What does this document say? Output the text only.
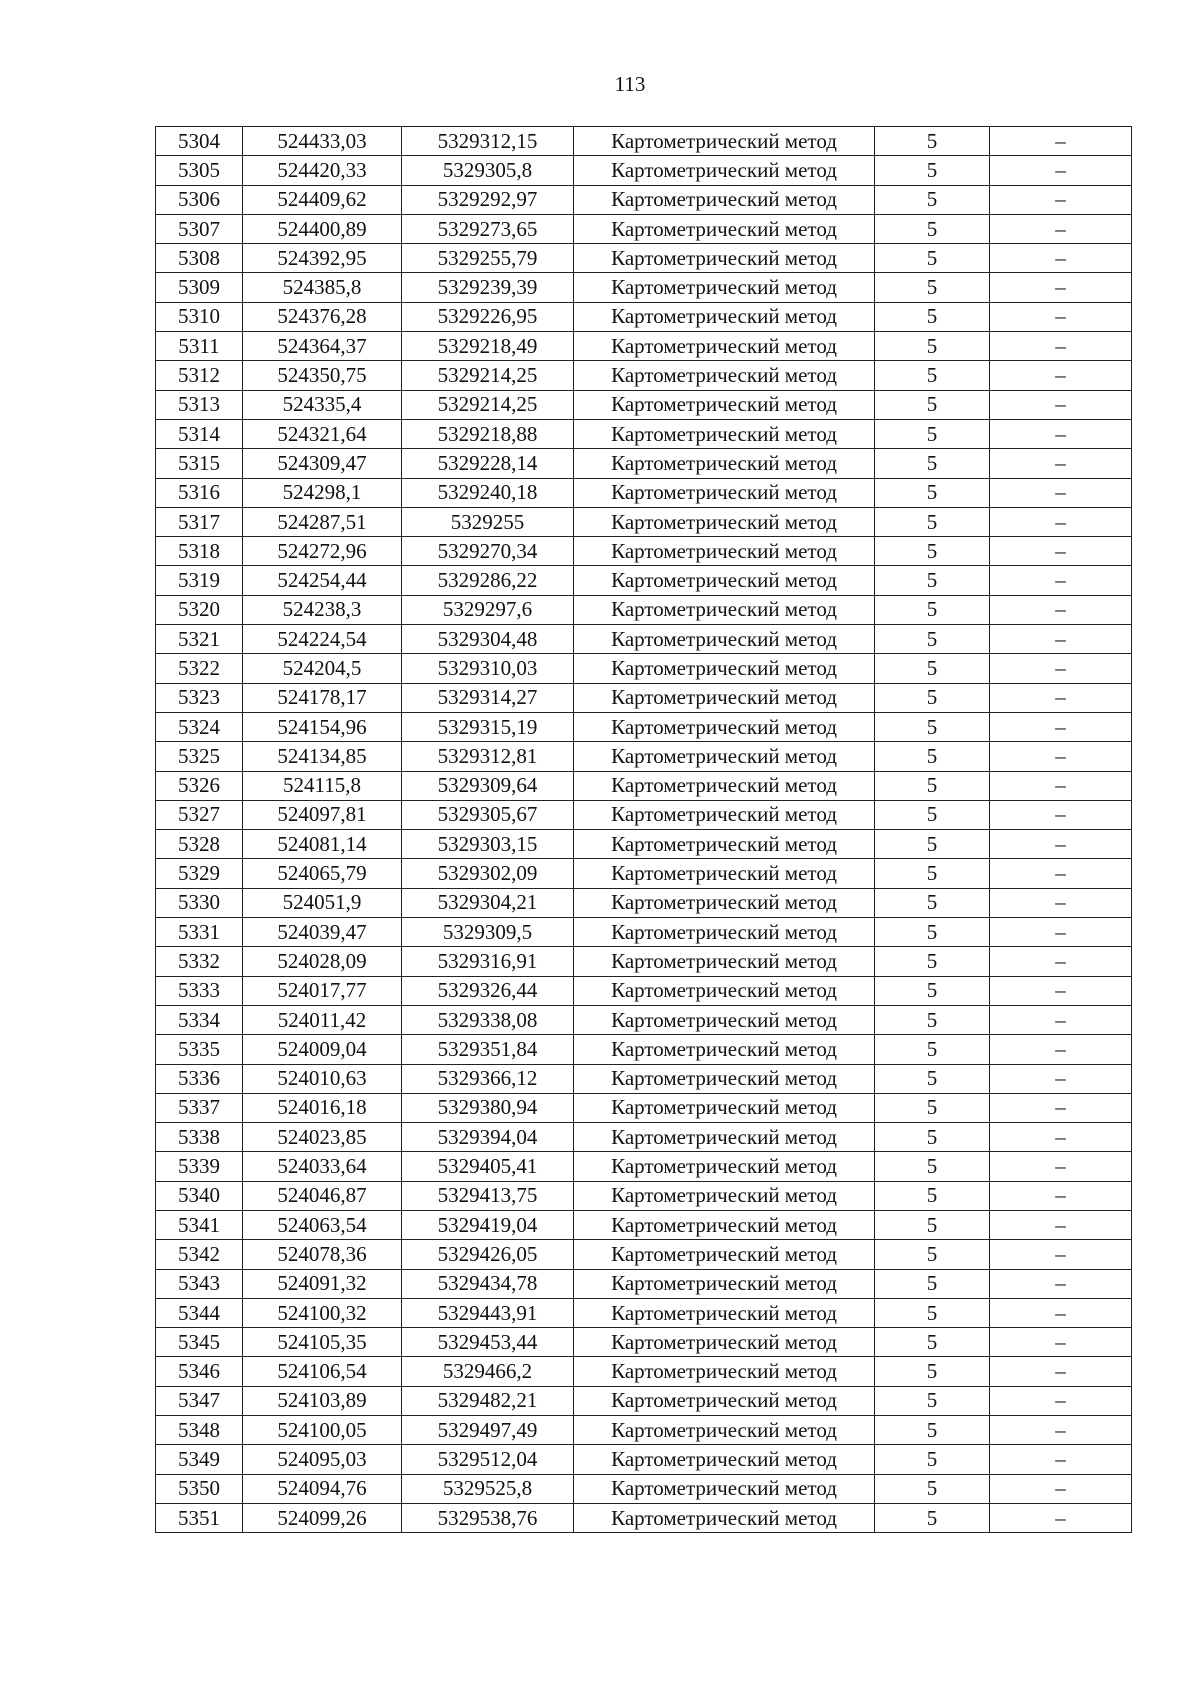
113
5304	524433,03	5329312,15	Картометрический метод	5	–
5305	524420,33	5329305,8	Картометрический метод	5	–
5306	524409,62	5329292,97	Картометрический метод	5	–
5307	524400,89	5329273,65	Картометрический метод	5	–
5308	524392,95	5329255,79	Картометрический метод	5	–
5309	524385,8	5329239,39	Картометрический метод	5	–
5310	524376,28	5329226,95	Картометрический метод	5	–
5311	524364,37	5329218,49	Картометрический метод	5	–
5312	524350,75	5329214,25	Картометрический метод	5	–
5313	524335,4	5329214,25	Картометрический метод	5	–
5314	524321,64	5329218,88	Картометрический метод	5	–
5315	524309,47	5329228,14	Картометрический метод	5	–
5316	524298,1	5329240,18	Картометрический метод	5	–
5317	524287,51	5329255	Картометрический метод	5	–
5318	524272,96	5329270,34	Картометрический метод	5	–
5319	524254,44	5329286,22	Картометрический метод	5	–
5320	524238,3	5329297,6	Картометрический метод	5	–
5321	524224,54	5329304,48	Картометрический метод	5	–
5322	524204,5	5329310,03	Картометрический метод	5	–
5323	524178,17	5329314,27	Картометрический метод	5	–
5324	524154,96	5329315,19	Картометрический метод	5	–
5325	524134,85	5329312,81	Картометрический метод	5	–
5326	524115,8	5329309,64	Картометрический метод	5	–
5327	524097,81	5329305,67	Картометрический метод	5	–
5328	524081,14	5329303,15	Картометрический метод	5	–
5329	524065,79	5329302,09	Картометрический метод	5	–
5330	524051,9	5329304,21	Картометрический метод	5	–
5331	524039,47	5329309,5	Картометрический метод	5	–
5332	524028,09	5329316,91	Картометрический метод	5	–
5333	524017,77	5329326,44	Картометрический метод	5	–
5334	524011,42	5329338,08	Картометрический метод	5	–
5335	524009,04	5329351,84	Картометрический метод	5	–
5336	524010,63	5329366,12	Картометрический метод	5	–
5337	524016,18	5329380,94	Картометрический метод	5	–
5338	524023,85	5329394,04	Картометрический метод	5	–
5339	524033,64	5329405,41	Картометрический метод	5	–
5340	524046,87	5329413,75	Картометрический метод	5	–
5341	524063,54	5329419,04	Картометрический метод	5	–
5342	524078,36	5329426,05	Картометрический метод	5	–
5343	524091,32	5329434,78	Картометрический метод	5	–
5344	524100,32	5329443,91	Картометрический метод	5	–
5345	524105,35	5329453,44	Картометрический метод	5	–
5346	524106,54	5329466,2	Картометрический метод	5	–
5347	524103,89	5329482,21	Картометрический метод	5	–
5348	524100,05	5329497,49	Картометрический метод	5	–
5349	524095,03	5329512,04	Картометрический метод	5	–
5350	524094,76	5329525,8	Картометрический метод	5	–
5351	524099,26	5329538,76	Картометрический метод	5	–
